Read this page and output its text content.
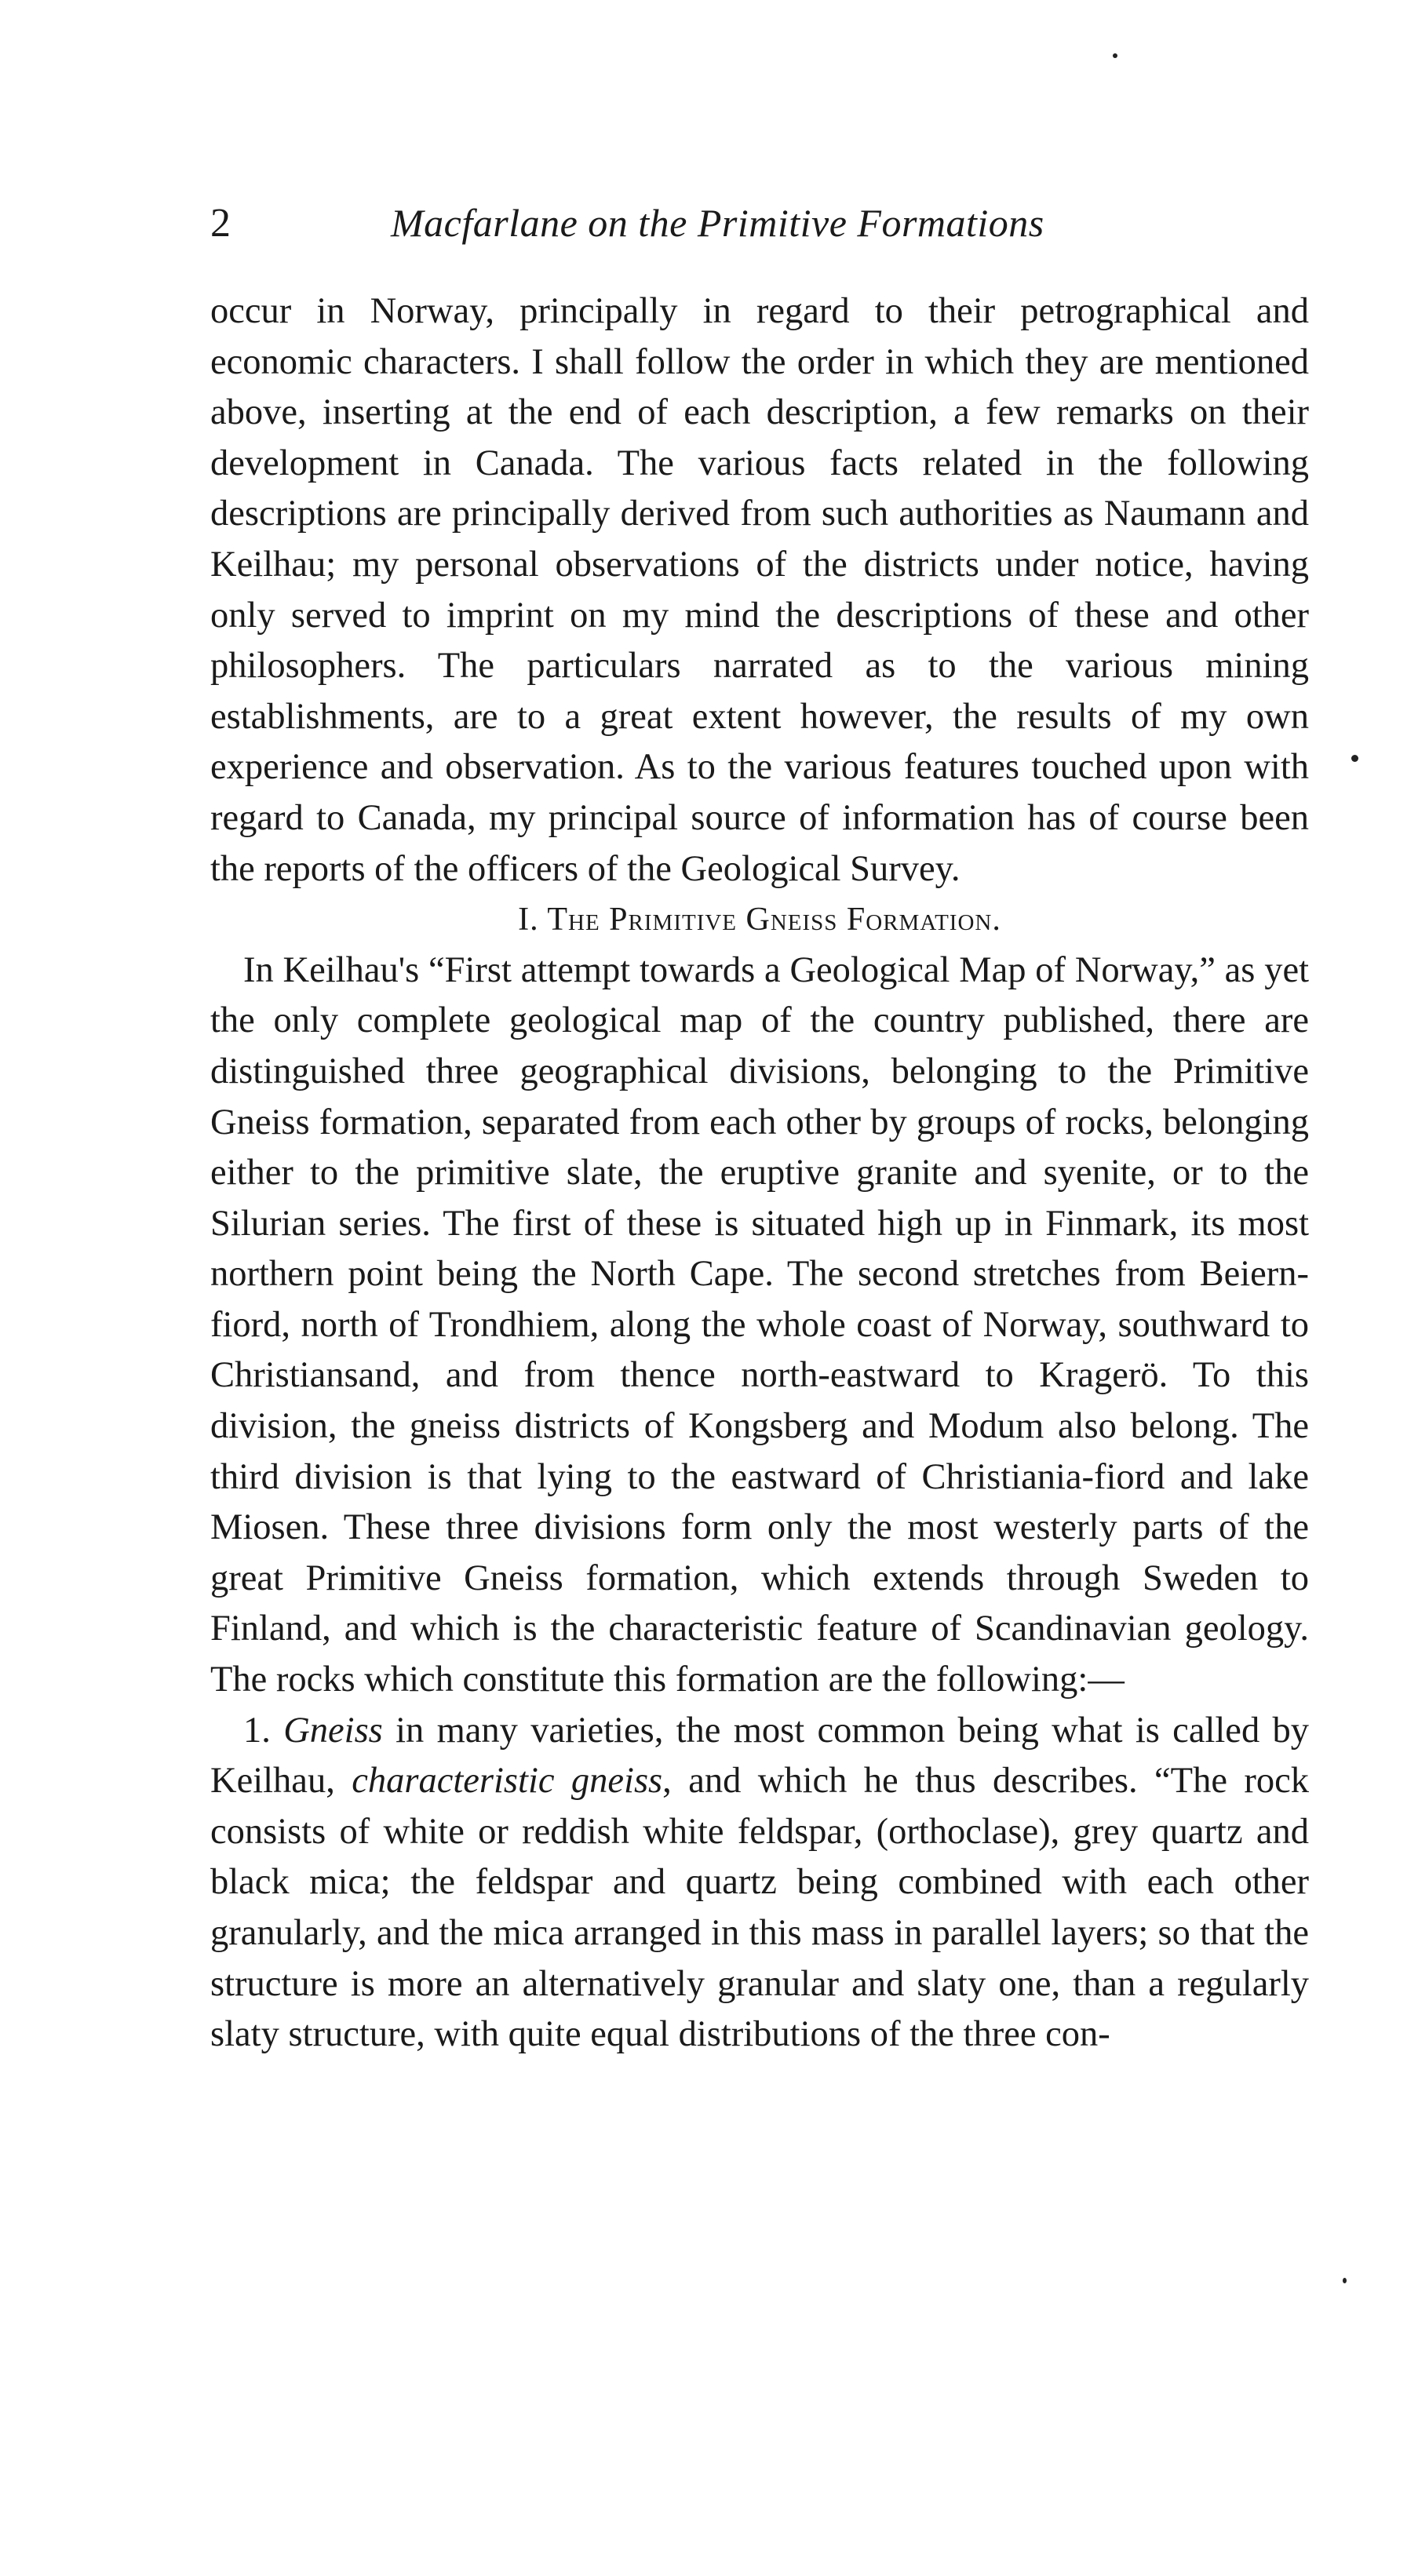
2	Macfarlane on the Primitive Formations

occur in Norway, principally in regard to their petrographical and economic characters. I shall follow the order in which they are mentioned above, inserting at the end of each description, a few remarks on their development in Canada. The various facts related in the following descriptions are principally derived from such authorities as Naumann and Keilhau; my personal observations of the districts under notice, having only served to imprint on my mind the descriptions of these and other philosophers. The particulars narrated as to the various mining establishments, are to a great extent however, the results of my own experience and observation. As to the various features touched upon with regard to Canada, my principal source of information has of course been the reports of the officers of the Geological Survey.

I. The Primitive Gneiss Formation.

In Keilhau's “First attempt towards a Geological Map of Norway,” as yet the only complete geological map of the country published, there are distinguished three geographical divisions, belonging to the Primitive Gneiss formation, separated from each other by groups of rocks, belonging either to the primitive slate, the eruptive granite and syenite, or to the Silurian series. The first of these is situated high up in Finmark, its most northern point being the North Cape. The second stretches from Beiern-fiord, north of Trondhiem, along the whole coast of Norway, southward to Christiansand, and from thence north-eastward to Kragerö. To this division, the gneiss districts of Kongsberg and Modum also belong. The third division is that lying to the eastward of Christiania-fiord and lake Miosen. These three divisions form only the most westerly parts of the great Primitive Gneiss formation, which extends through Sweden to Finland, and which is the characteristic feature of Scandinavian geology. The rocks which constitute this formation are the following:—

1. Gneiss in many varieties, the most common being what is called by Keilhau, characteristic gneiss, and which he thus describes. “The rock consists of white or reddish white feldspar, (orthoclase), grey quartz and black mica; the feldspar and quartz being combined with each other granularly, and the mica arranged in this mass in parallel layers; so that the structure is more an alternatively granular and slaty one, than a regularly slaty structure, with quite equal distributions of the three con-
